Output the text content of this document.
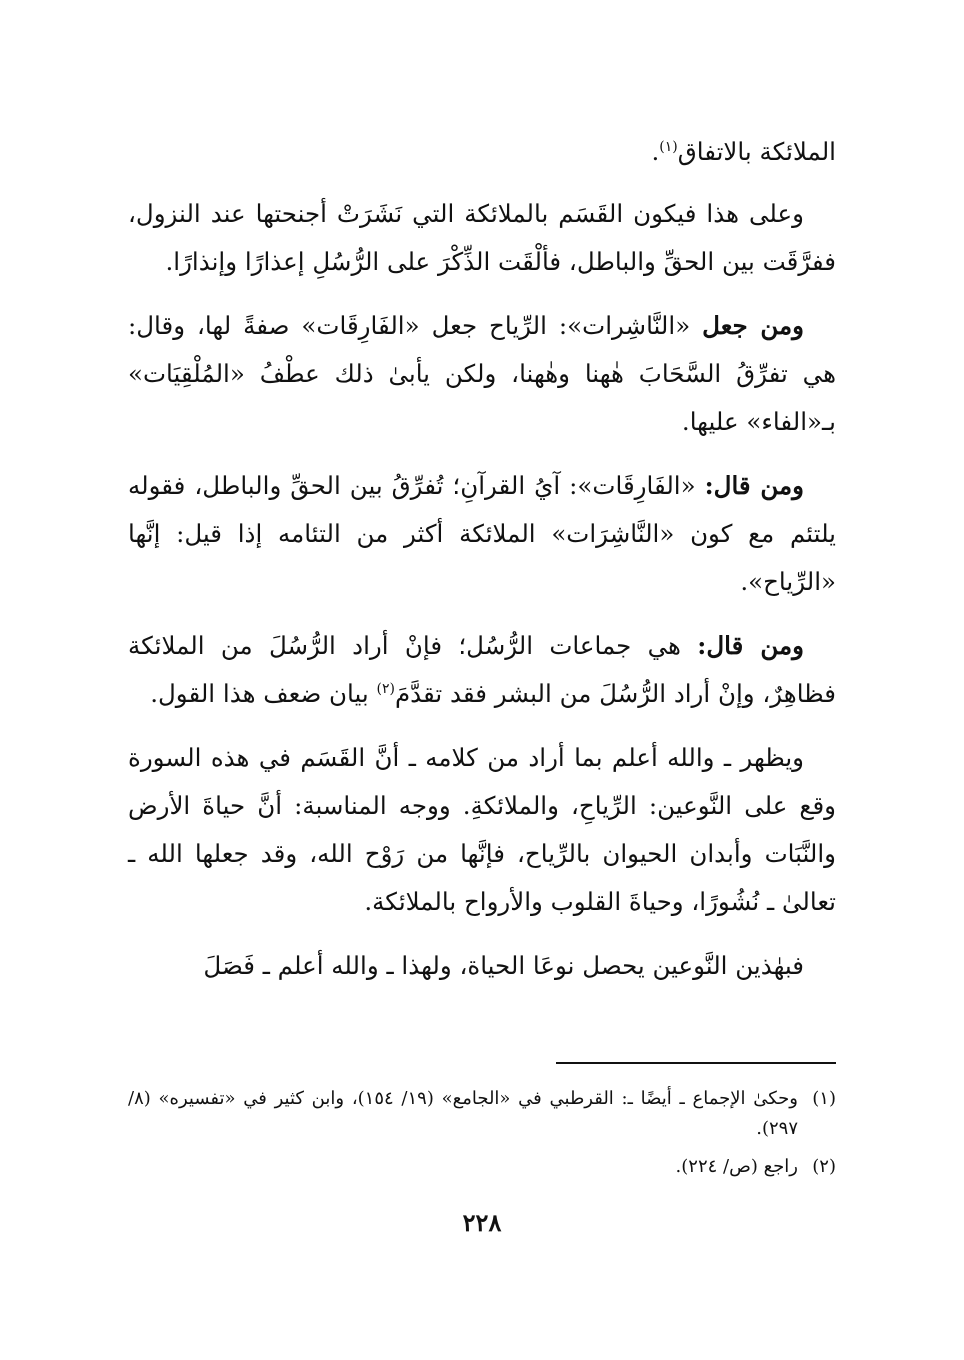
الملائكة بالاتفاق$^{(١)}$.

وعلى هذا فيكون القَسَم بالملائكة التي نَشَرَتْ أجنحتها عند النزول، ففرَّقَت بين الحقِّ والباطل، فألْقَت الذِّكْرَ على الرُّسُلِ إعذارًا وإنذارًا.

ومن جعل «النَّاشِرات»: الرِّياح جعل «الفَارِقَات» صفةً لها، وقال: هي تفرِّقُ السَّحَابَ هٰهنا وهٰهنا، ولكن يأبىٰ ذلك عطْفُ «المُلْقِيَات» بـ«الفاء» عليها.

ومن قال: «الفَارِقَات»: آيُ القرآنِ؛ تُفرِّقُ بين الحقِّ والباطل، فقوله يلتئم مع كون «النَّاشِرَات» الملائكة أكثر من التئامه إذا قيل: إنَّها «الرِّياح».

ومن قال: هي جماعات الرُّسُل؛ فإنْ أراد الرُّسُلَ من الملائكة فظاهِرٌ، وإنْ أراد الرُّسُلَ من البشر فقد تقدَّمَ$^{(٢)}$ بيان ضعف هذا القول.

ويظهر ـ والله أعلم بما أراد من كلامه ـ أنَّ القَسَم في هذه السورة وقع على النَّوعين: الرِّياحِ، والملائكةِ. ووجه المناسبة: أنَّ حياةَ الأرض والنَّبَات وأبدان الحيوان بالرِّياح، فإنَّها من رَوْح الله، وقد جعلها الله ـ تعالىٰ ـ نُشُورًا، وحياةَ القلوب والأرواح بالملائكة.

فبهٰذين النَّوعين يحصل نوعَا الحياة، ولهذا ـ والله أعلم ـ فَصَلَ

(١)
وحكىٰ الإجماع ـ أيضًا ـ: القرطبي في «الجامع» (١٩/ ١٥٤)، وابن كثير في «تفسيره» (٨/ ٢٩٧).
(٢)
راجع (ص/ ٢٢٤).
٢٢٨
